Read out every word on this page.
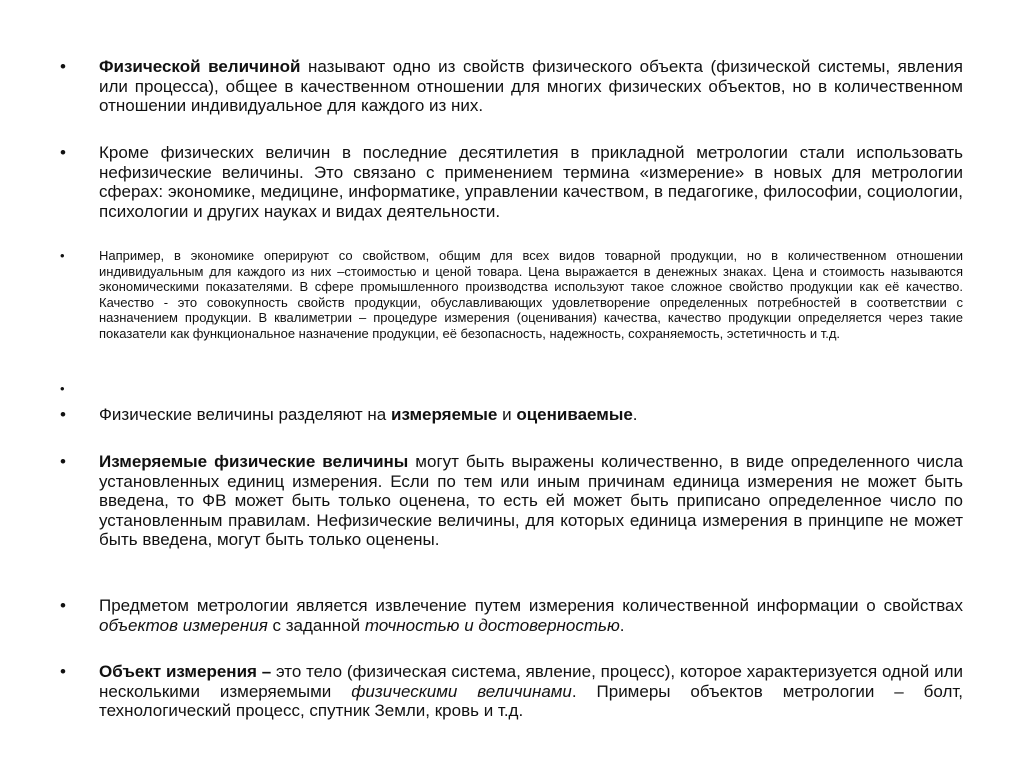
• Физической величиной называют одно из свойств физического объекта (физической системы, явления или процесса), общее в качественном отношении для многих физических объектов, но в количественном отношении индивидуальное для каждого из них.
• Кроме физических величин в последние десятилетия в прикладной метрологии стали использовать нефизические величины. Это связано с применением термина «измерение» в новых для метрологии сферах: экономике, медицине, информатике, управлении качеством, в педагогике, философии, социологии, психологии и других науках и видах деятельности.
•	Например, в экономике оперируют со свойством, общим для всех видов товарной продукции, но в количественном отношении индивидуальным для каждого из них –стоимостью и ценой товара. Цена выражается в денежных знаках. Цена и стоимость называются экономическими показателями. В сфере промышленного производства используют такое сложное свойство продукции как её качество. Качество - это совокупность свойств продукции, обуславливающих удовлетворение определенных потребностей в соответствии с назначением продукции. В квалиметрии – процедуре измерения (оценивания) качества, качество продукции определяется через такие показатели как функциональное назначение продукции, её безопасность, надежность, сохраняемость, эстетичность и т.д.
•
• Физические величины разделяют на измеряемые и оцениваемые.
• Измеряемые физические величины могут быть выражены количественно, в виде определенного числа установленных единиц измерения. Если по тем или иным причинам единица измерения не может быть введена, то ФВ может быть только оценена, то есть ей может быть приписано определенное число по установленным правилам. Нефизические величины, для которых единица измерения в принципе не может быть введена, могут быть только оценены.
• Предметом метрологии является извлечение путем измерения количественной информации о свойствах объектов измерения с заданной точностью и достоверностью.
• Объект измерения – это тело (физическая система, явление, процесс), которое характеризуется одной или несколькими измеряемыми физическими величинами. Примеры объектов метрологии – болт, технологический процесс, спутник Земли, кровь и т.д.
